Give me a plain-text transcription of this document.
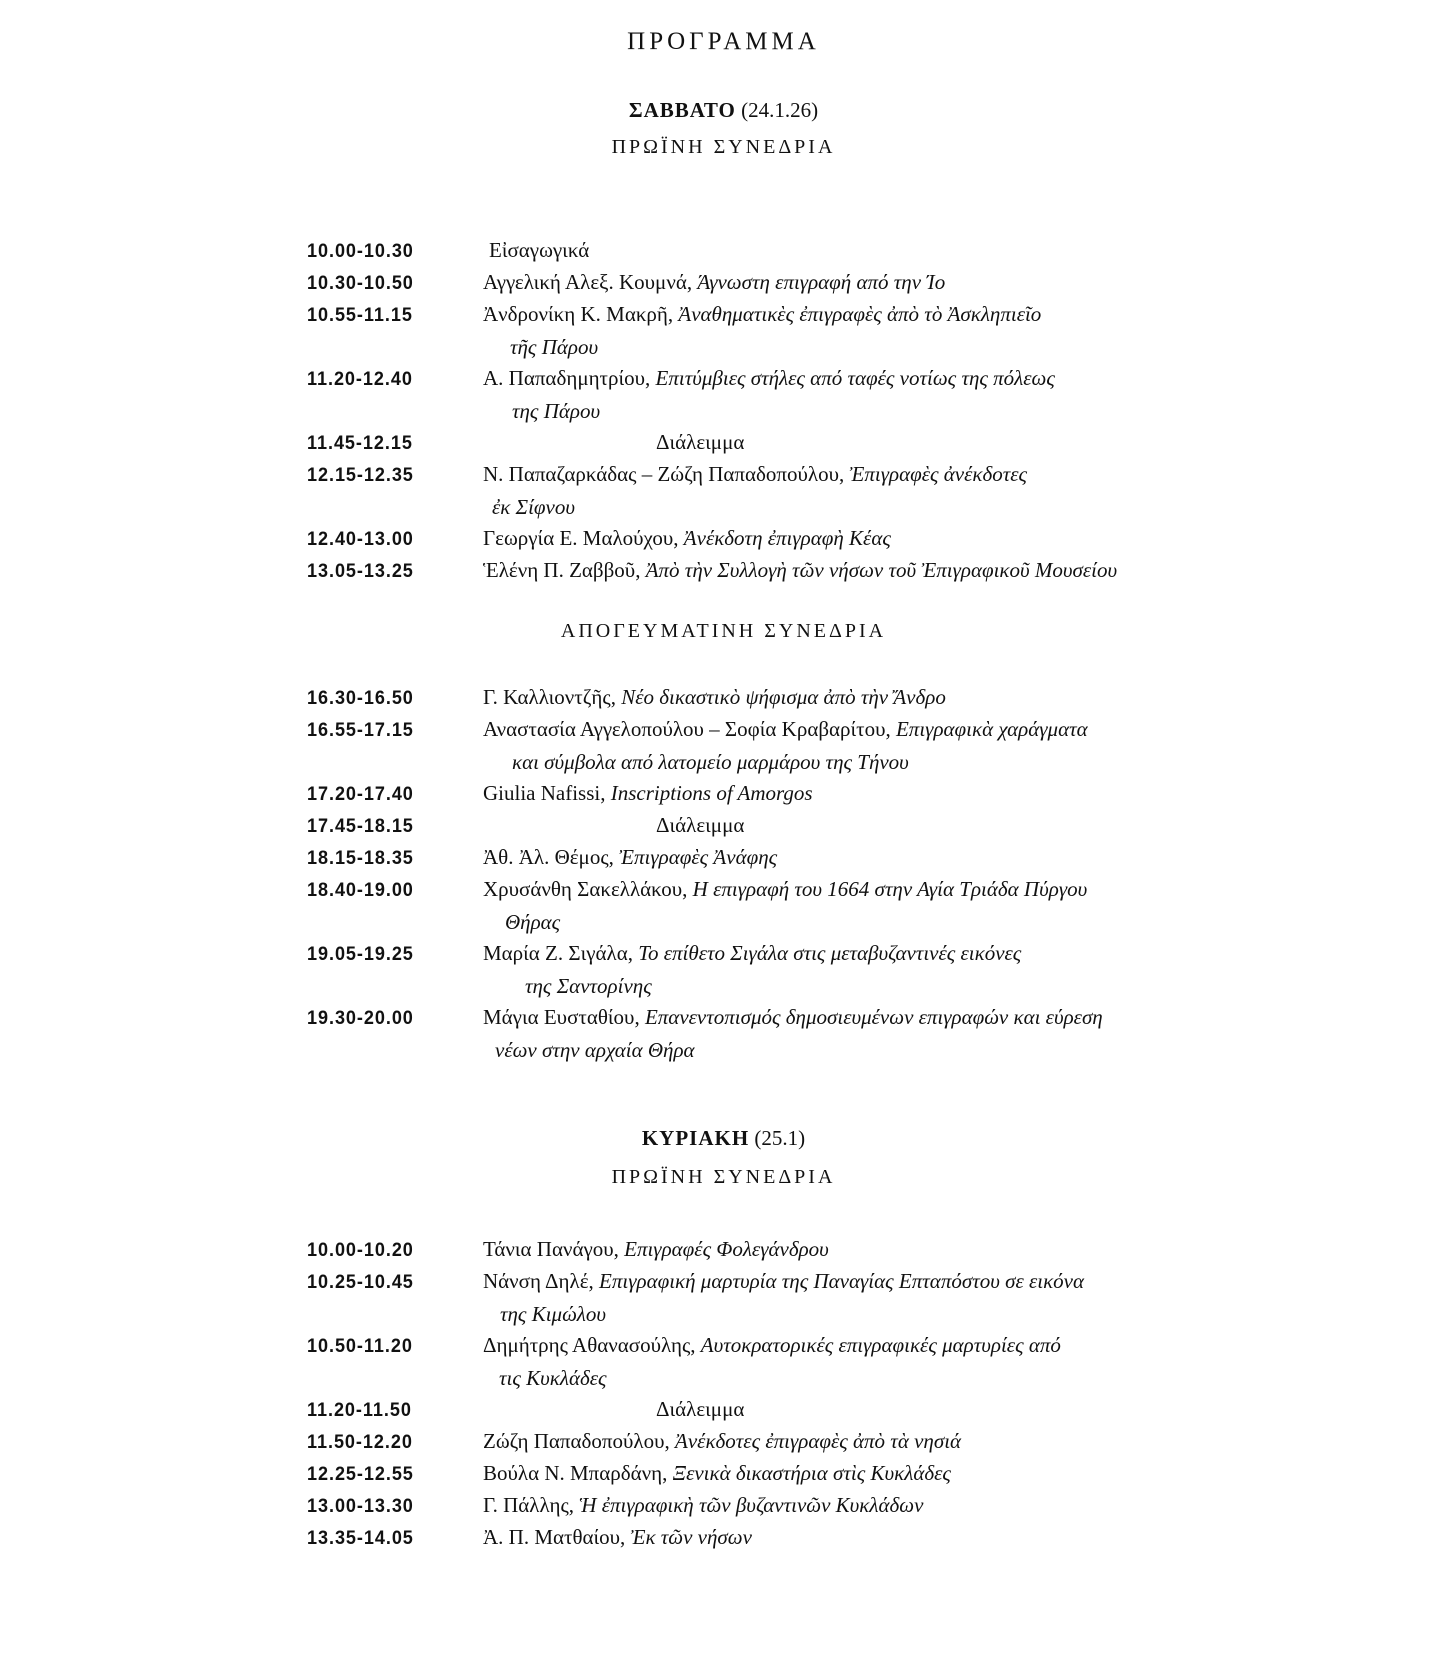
ΠΡΟΓΡΑΜΜΑ
ΣΑΒΒΑΤΟ (24.1.26)
ΠΡΩΪΝΗ ΣΥΝΕΔΡΙΑ
10.00-10.30	Εἰσαγωγικά
10.30-10.50	Αγγελική Αλεξ. Κουμνά, Άγνωστη επιγραφή από την Ίο
10.55-11.15	Ἀνδρονίκη Κ. Μακρῆ, Ἀναθηματικὲς ἐπιγραφὲς ἀπὸ τὸ Ἀσκληπιεῖο
τῆς Πάρου
11.20-12.40	Α. Παπαδημητρίου, Επιτύμβιες στήλες από ταφές νοτίως της πόλεως
της Πάρου
11.45-12.15	Διάλειμμα
12.15-12.35	Ν. Παπαζαρκάδας – Ζώζη Παπαδοπούλου, Ἐπιγραφὲς ἀνέκδοτες
ἐκ Σίφνου
12.40-13.00	Γεωργία Ε. Μαλούχου, Ἀνέκδοτη ἐπιγραφὴ Κέας
13.05-13.25	Ἑλένη Π. Ζαββοῦ, Ἀπὸ τὴν Συλλογὴ τῶν νήσων τοῦ Ἐπιγραφικοῦ Μουσείου
ΑΠΟΓΕΥΜΑΤΙΝΗ ΣΥΝΕΔΡΙΑ
16.30-16.50	Γ. Καλλιοντζῆς, Νέο δικαστικὸ ψήφισμα ἀπὸ τὴν Ἄνδρο
16.55-17.15	Αναστασία Αγγελοπούλου – Σοφία Κραβαρίτου, Επιγραφικὰ χαράγματα
και σύμβολα από λατομείο μαρμάρου της Τήνου
17.20-17.40	Giulia Nafissi, Inscriptions of Amorgos
17.45-18.15	Διάλειμμα
18.15-18.35	Ἀθ. Ἀλ. Θέμος, Ἐπιγραφὲς Ἀνάφης
18.40-19.00	Χρυσάνθη Σακελλάκου, Η επιγραφή του 1664 στην Αγία Τριάδα Πύργου
Θήρας
19.05-19.25	Μαρία Ζ. Σιγάλα, Το επίθετο Σιγάλα στις μεταβυζαντινές εικόνες
της Σαντορίνης
19.30-20.00	Μάγια Ευσταθίου, Επανεντοπισμός δημοσιευμένων επιγραφών και εύρεση
νέων στην αρχαία Θήρα
ΚΥΡΙΑΚΗ (25.1)
ΠΡΩΪΝΗ ΣΥΝΕΔΡΙΑ
10.00-10.20	Τάνια Πανάγου, Επιγραφές Φολεγάνδρου
10.25-10.45	Νάνση Δηλέ, Επιγραφική μαρτυρία της Παναγίας Επταπόστου σε εικόνα
της Κιμώλου
10.50-11.20	Δημήτρης Αθανασούλης, Αυτοκρατορικές επιγραφικές μαρτυρίες από
τις Κυκλάδες
11.20-11.50	Διάλειμμα
11.50-12.20	Ζώζη Παπαδοπούλου, Ἀνέκδοτες ἐπιγραφὲς ἀπὸ τὰ νησιά
12.25-12.55	Βούλα Ν. Μπαρδάνη, Ξενικὰ δικαστήρια στὶς Κυκλάδες
13.00-13.30	Γ. Πάλλης, Ἡ ἐπιγραφικὴ τῶν βυζαντινῶν Κυκλάδων
13.35-14.05	Ἀ. Π. Ματθαίου, Ἐκ τῶν νήσων
